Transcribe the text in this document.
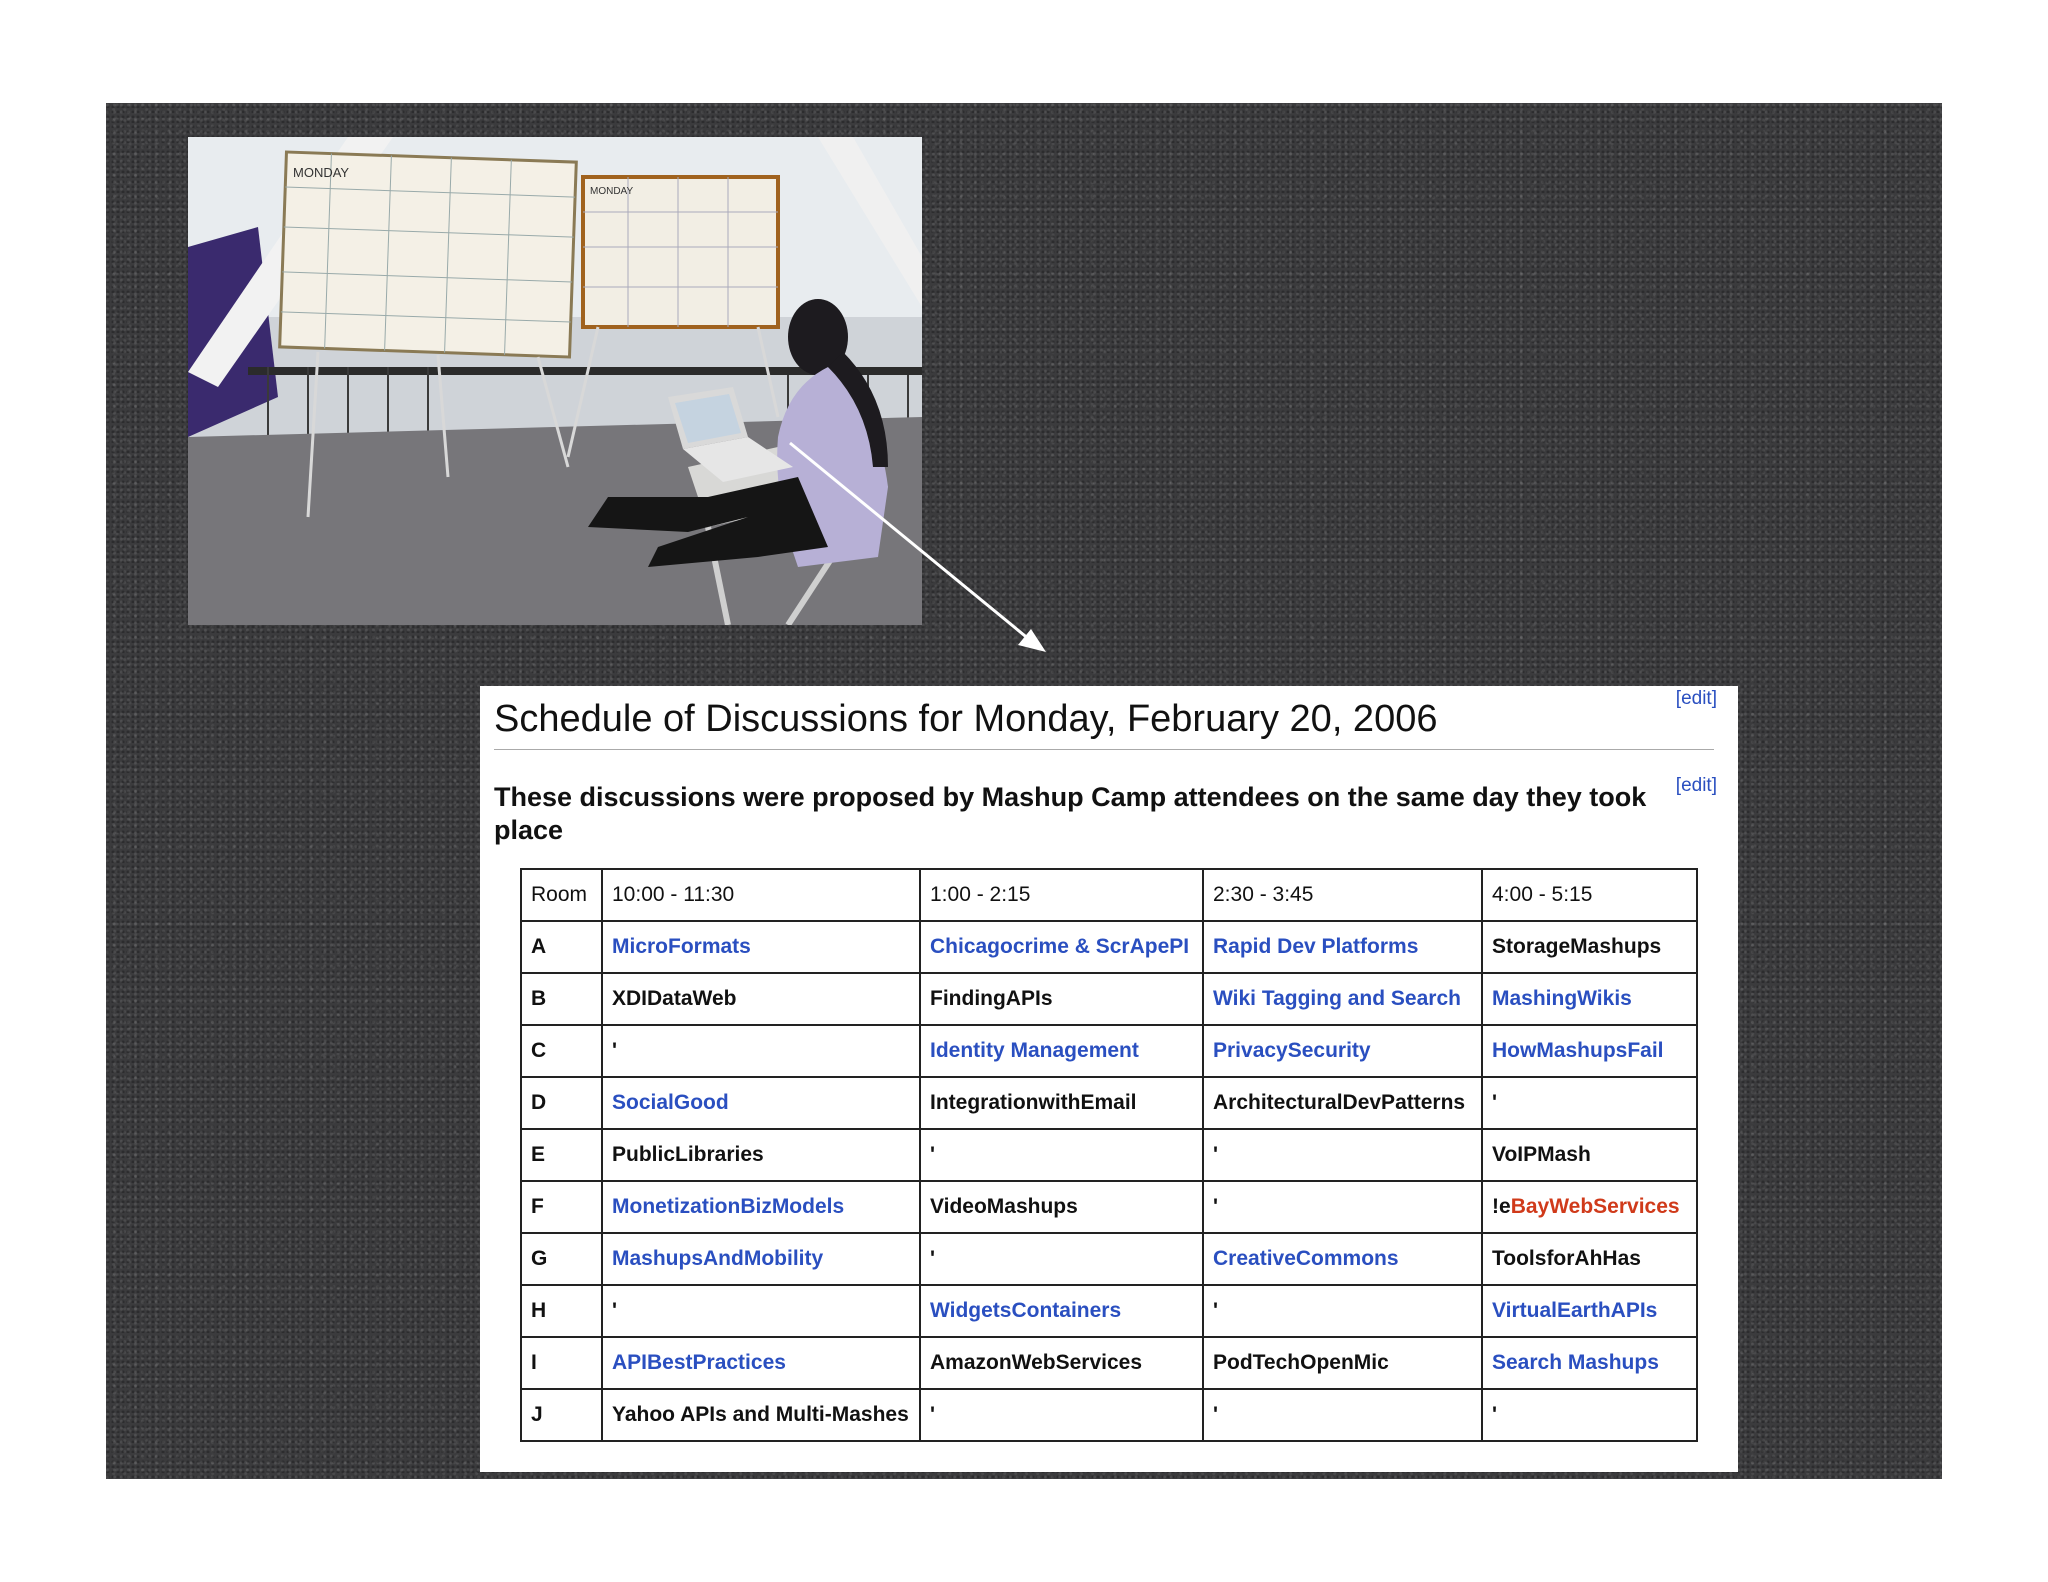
MONDAY
MONDAY
[edit]
Schedule of Discussions for Monday, February 20, 2006
[edit]

These discussions were proposed by Mashup Camp attendees on the same day they took place

Room	10:00 - 11:30	1:00 - 2:15	2:30 - 3:45	4:00 - 5:15
A	MicroFormats	Chicagocrime & ScrApePI	Rapid Dev Platforms	StorageMashups
B	XDIDataWeb	FindingAPIs	Wiki Tagging and Search	MashingWikis
C	'	Identity Management	PrivacySecurity	HowMashupsFail
D	SocialGood	IntegrationwithEmail	ArchitecturalDevPatterns	'
E	PublicLibraries	'	'	VoIPMash
F	MonetizationBizModels	VideoMashups	'	!eBayWebServices
G	MashupsAndMobility	'	CreativeCommons	ToolsforAhHas
H	'	WidgetsContainers	'	VirtualEarthAPIs
I	APIBestPractices	AmazonWebServices	PodTechOpenMic	Search Mashups
J	Yahoo APIs and Multi-Mashes	'	'	'
